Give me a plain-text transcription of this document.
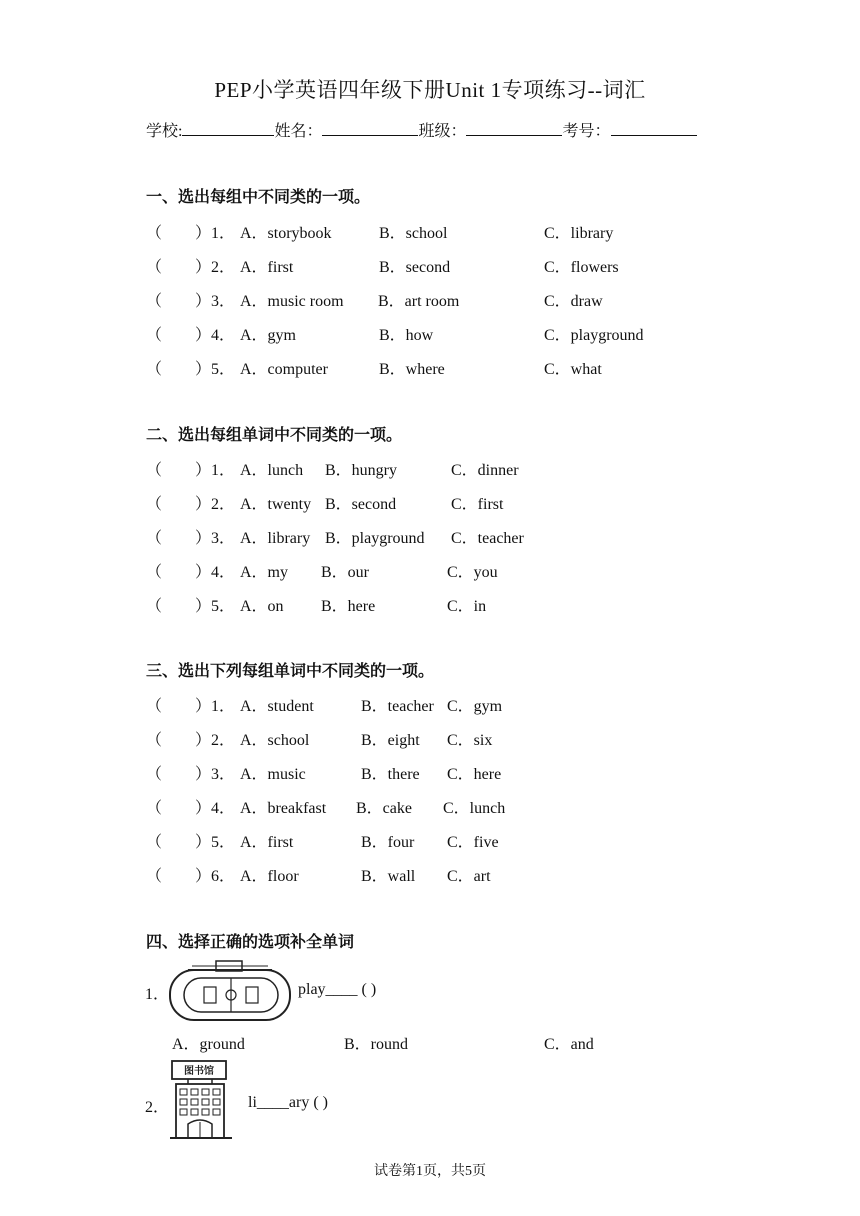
PEP小学英语四年级下册Unit 1专项练习--词汇
学校:	姓名：	班级：	考号：
一、选出每组中不同类的一项。
（ ）1． A．storybook	B．school	C．library
（ ）2． A．first	B．second	C．flowers
（ ）3． A．music room B．art room	C．draw
（ ）4． A．gym	B．how	C．playground
（ ）5． A．computer	B．where	C．what
二、选出每组单词中不同类的一项。
（ ）1． A．lunch B．hungry	C．dinner
（ ）2． A．twenty B．second	C．first
（ ）3． A．library B．playground C．teacher
（ ）4． A．my B．our	C．you
（ ）5． A．on B．here	C．in
三、选出下列每组单词中不同类的一项。
（ ）1． A．student	B．teacher C．gym
（ ）2． A．school	B．eight C．six
（ ）3． A．music	B．there C．here
（ ）4． A．breakfast B．cake C．lunch
（ ）5． A．first	B．four C．five
（ ）6． A．floor	B．wall C．art
四、选择正确的选项补全单词
1．	play____ ( )
A．ground	B．round	C．and
2．
图书馆
li____ary ( )
试卷第1页，共5页
